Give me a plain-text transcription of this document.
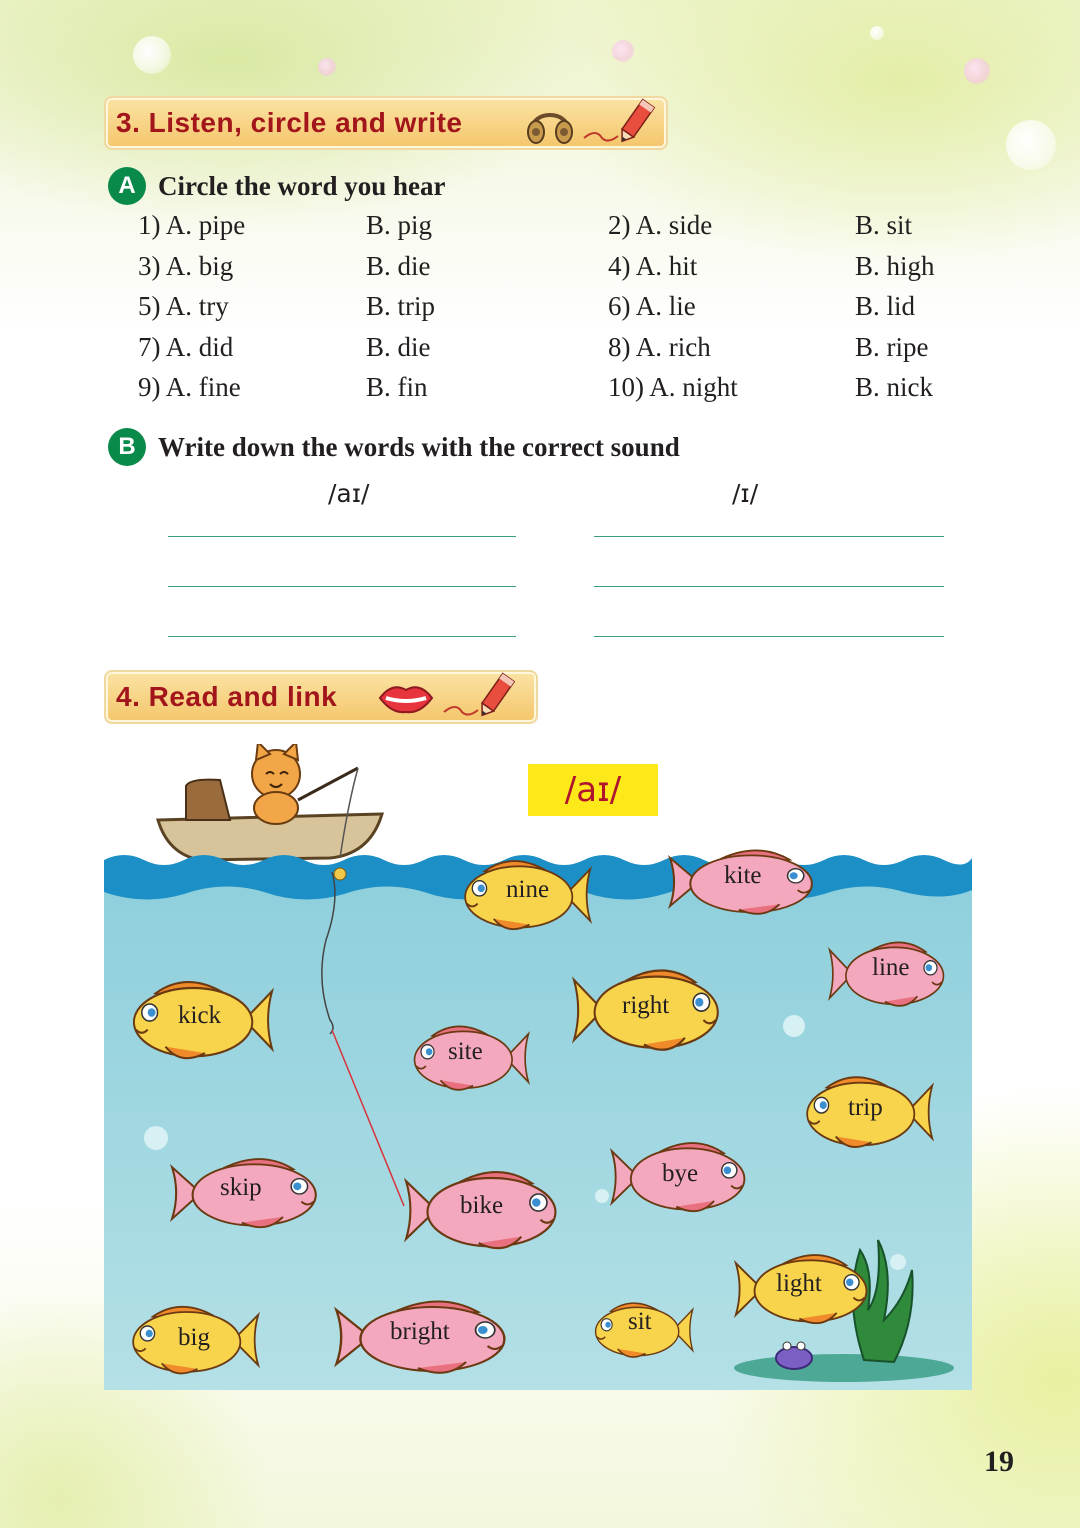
3. Listen, circle and write
A Circle the word you hear
1) A. pipe	B. pig	2) A. side	B. sit
3) A. big	B. die	4) A. hit	B. high
5) A. try	B. trip	6) A. lie	B. lid
7) A. did	B. die	8) A. rich	B. ripe
9) A. fine	B. fin	10) A. night	B. nick
B Write down the words with the correct sound
/aɪ/	/ɪ/
4. Read and link
/aɪ/
nine
kite
line
kick	right
site
trip
skip
bike
bye
big	bright	sit
light
19
